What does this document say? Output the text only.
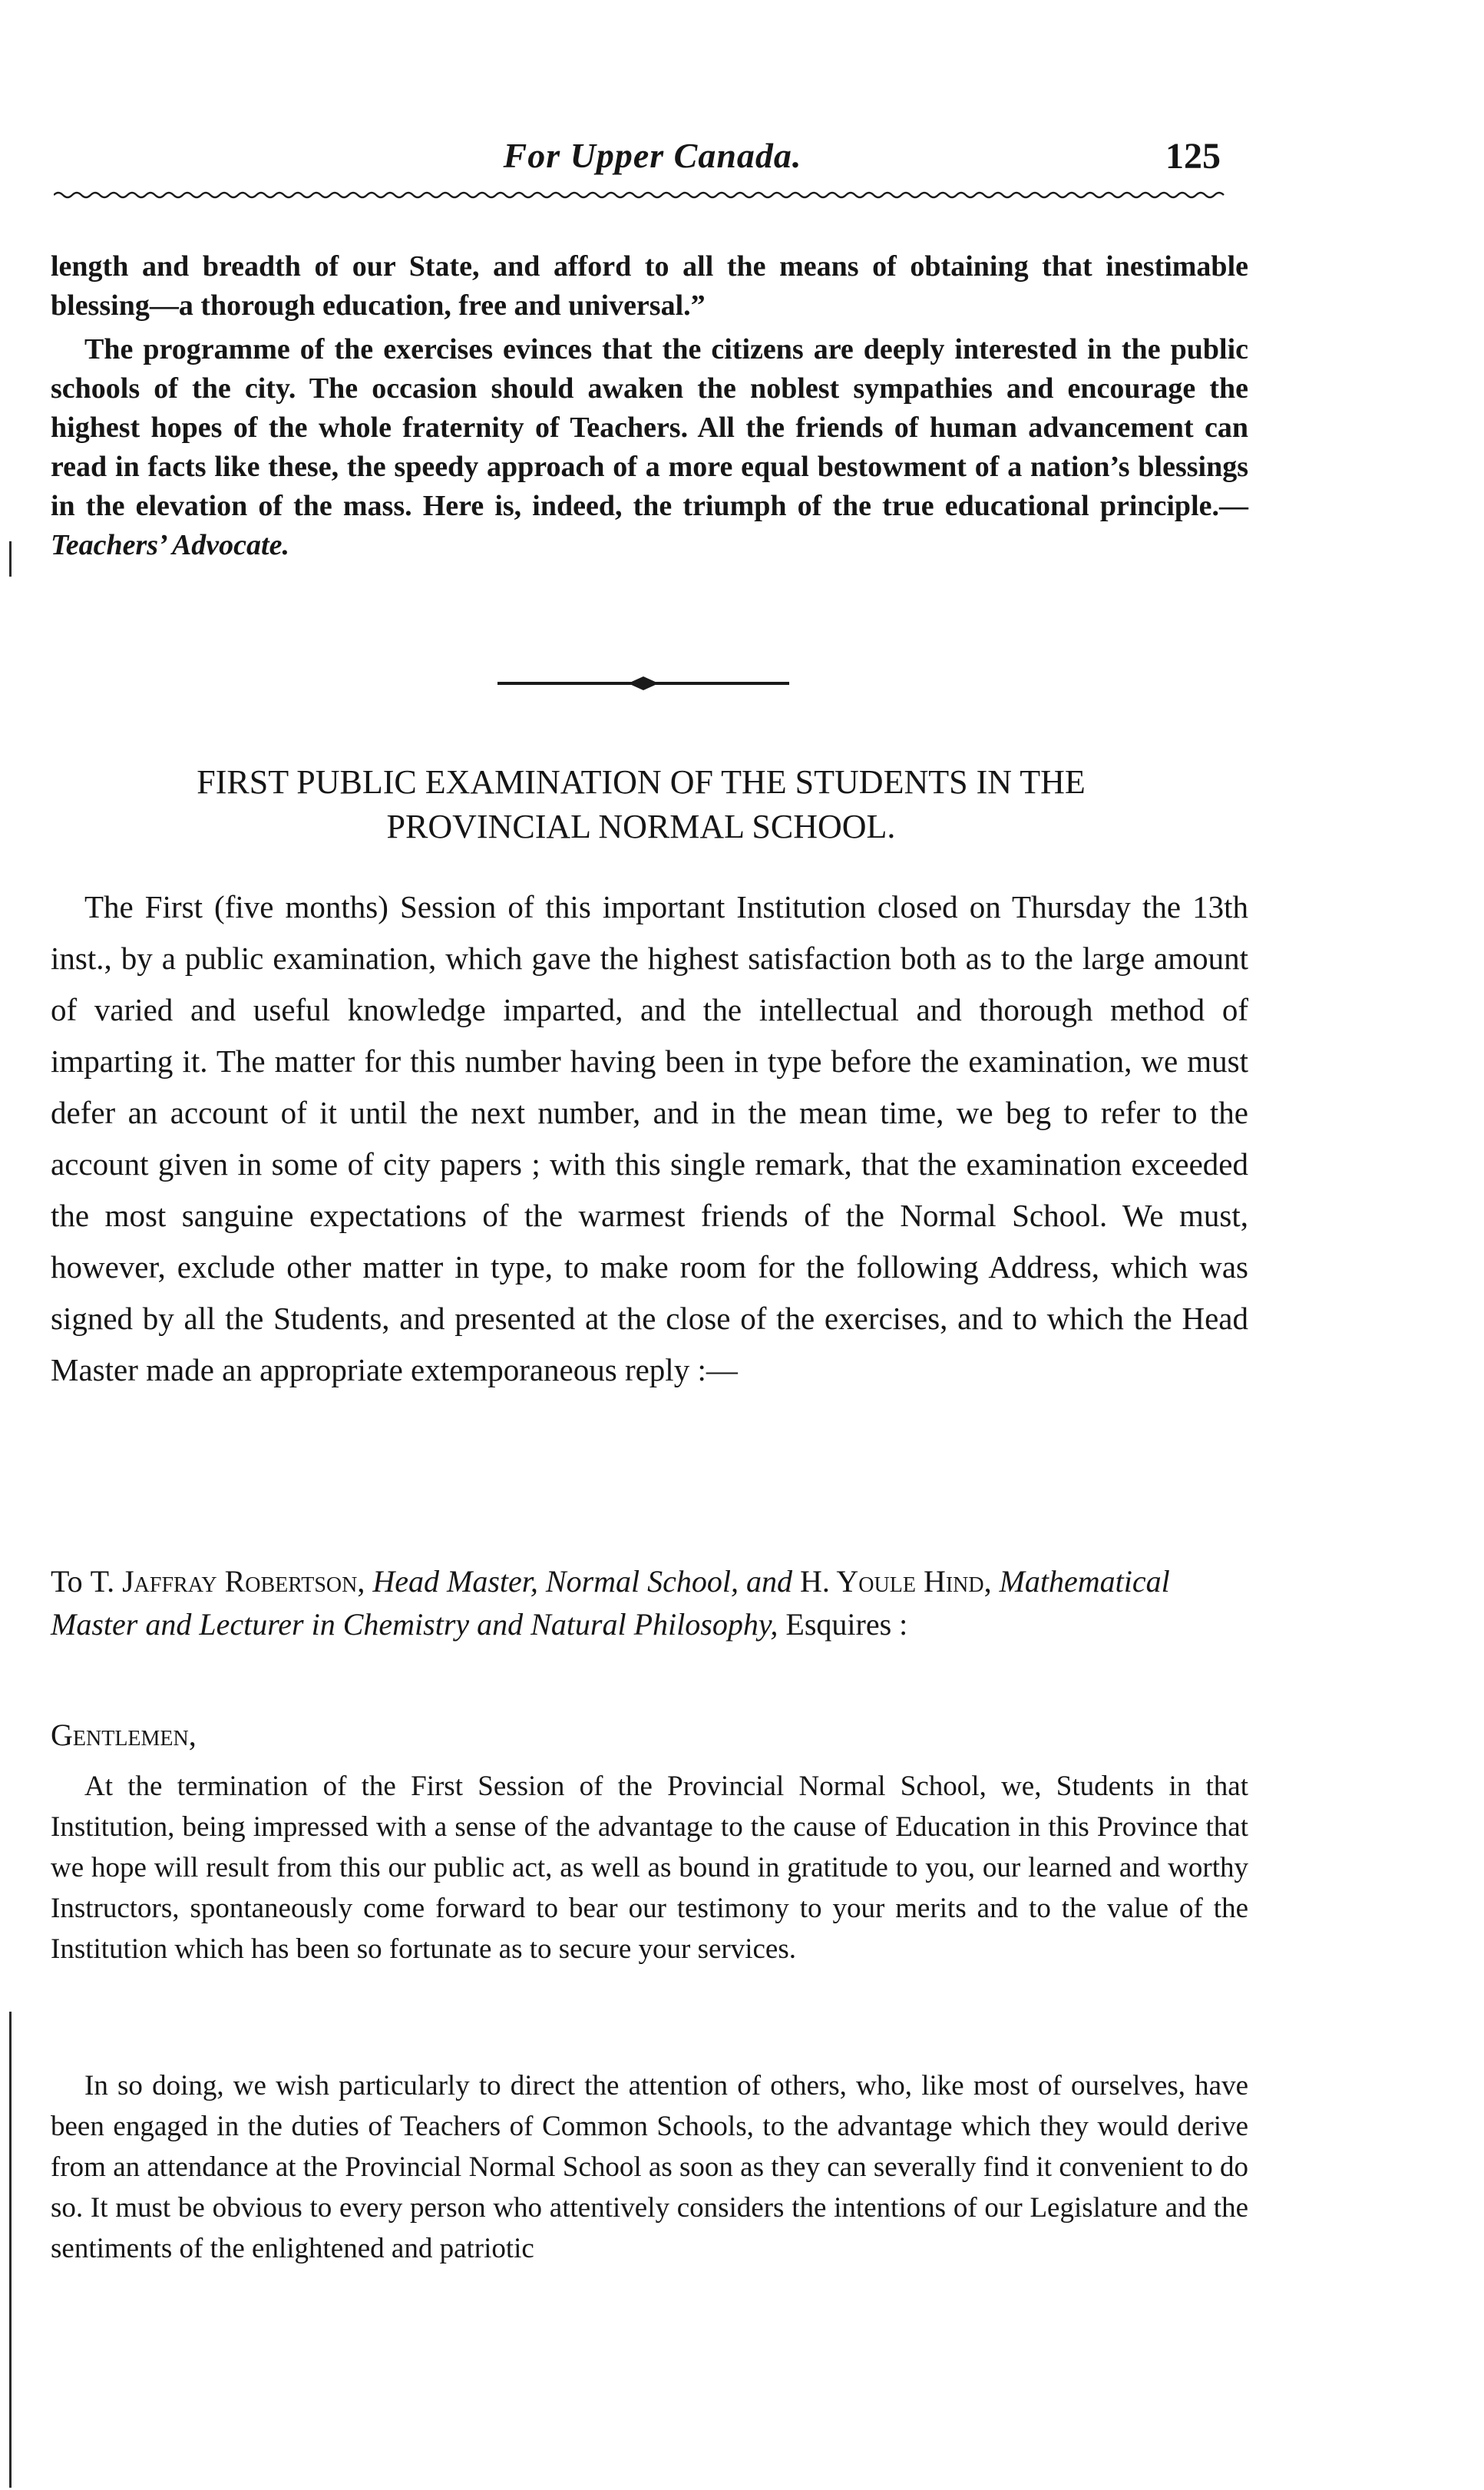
For Upper Canada.	125

length and breadth of our State, and afford to all the means of obtaining that inestimable blessing—a thorough education, free and universal.”

The programme of the exercises evinces that the citizens are deeply interested in the public schools of the city. The occasion should awaken the noblest sympathies and encourage the highest hopes of the whole fraternity of Teachers. All the friends of human advancement can read in facts like these, the speedy approach of a more equal bestowment of a nation’s blessings in the elevation of the mass. Here is, indeed, the triumph of the true educational principle.— Teachers’ Advocate.

FIRST PUBLIC EXAMINATION OF THE STUDENTS IN THE
PROVINCIAL NORMAL SCHOOL.

The First (five months) Session of this important Institution closed on Thursday the 13th inst., by a public examination, which gave the highest satisfaction both as to the large amount of varied and useful knowledge imparted, and the intellectual and thorough method of imparting it. The matter for this number having been in type before the examination, we must defer an account of it until the next number, and in the mean time, we beg to refer to the account given in some of city papers ; with this single remark, that the examination exceeded the most sanguine expectations of the warmest friends of the Normal School. We must, however, exclude other matter in type, to make room for the following Address, which was signed by all the Students, and presented at the close of the exercises, and to which the Head Master made an appropriate extemporaneous reply :—

To T. Jaffray Robertson, Head Master, Normal School, and H. Youle Hind, Mathematical Master and Lecturer in Chemistry and Natural Philosophy, Esquires :

Gentlemen,

At the termination of the First Session of the Provincial Normal School, we, Students in that Institution, being impressed with a sense of the advantage to the cause of Education in this Province that we hope will result from this our public act, as well as bound in gratitude to you, our learned and worthy Instructors, spontaneously come forward to bear our testimony to your merits and to the value of the Institution which has been so fortunate as to secure your services.

In so doing, we wish particularly to direct the attention of others, who, like most of ourselves, have been engaged in the duties of Teachers of Common Schools, to the advantage which they would derive from an attendance at the Provincial Normal School as soon as they can severally find it convenient to do so. It must be obvious to every person who attentively considers the intentions of our Legislature and the sentiments of the enlightened and patriotic
